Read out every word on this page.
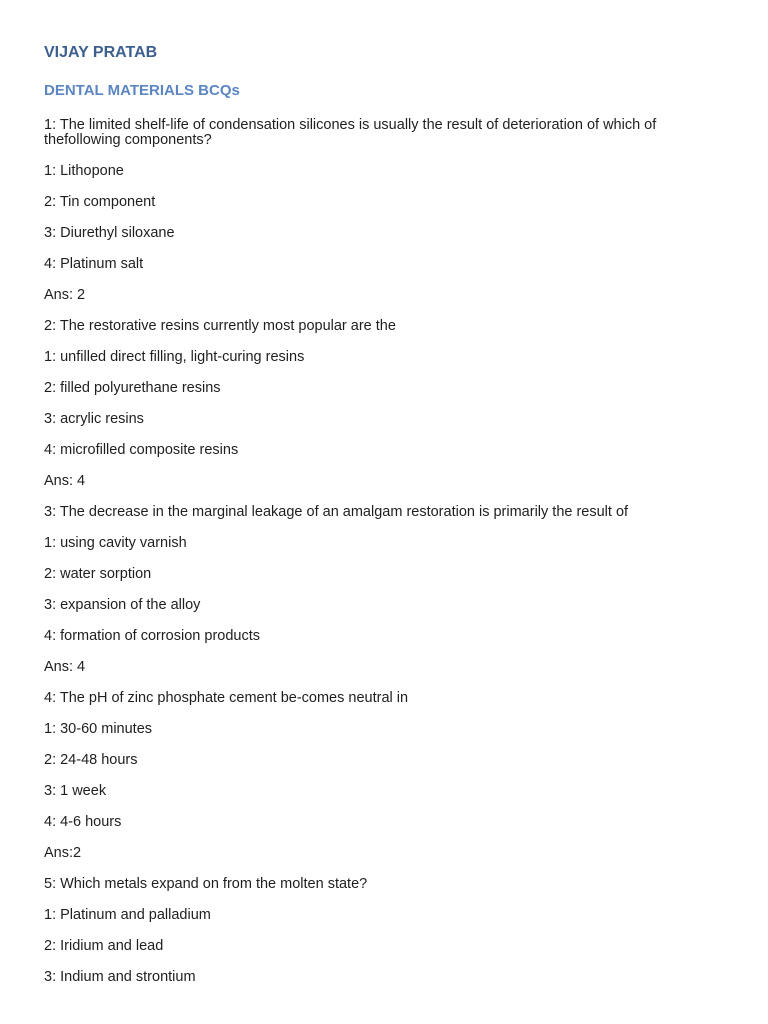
VIJAY PRATAB
DENTAL MATERIALS BCQs

1: The limited shelf-life of condensation silicones is usually the result of deterioration of which of thefollowing components?

1: Lithopone

2: Tin component

3: Diurethyl siloxane

4: Platinum salt

Ans: 2

2: The restorative resins currently most popular are the

1: unfilled direct filling, light-curing resins

2: filled polyurethane resins

3: acrylic resins

4: microfilled composite resins

Ans: 4

3: The decrease in the marginal leakage of an amalgam restoration is primarily the result of

1: using cavity varnish

2: water sorption

3: expansion of the alloy

4: formation of corrosion products

Ans: 4

4: The pH of zinc phosphate cement be-comes neutral in

1: 30-60 minutes

2: 24-48 hours

3: 1 week

4: 4-6 hours

Ans:2

5: Which metals expand on from the molten state?

1: Platinum and palladium

2: Iridium and lead

3: Indium and strontium
